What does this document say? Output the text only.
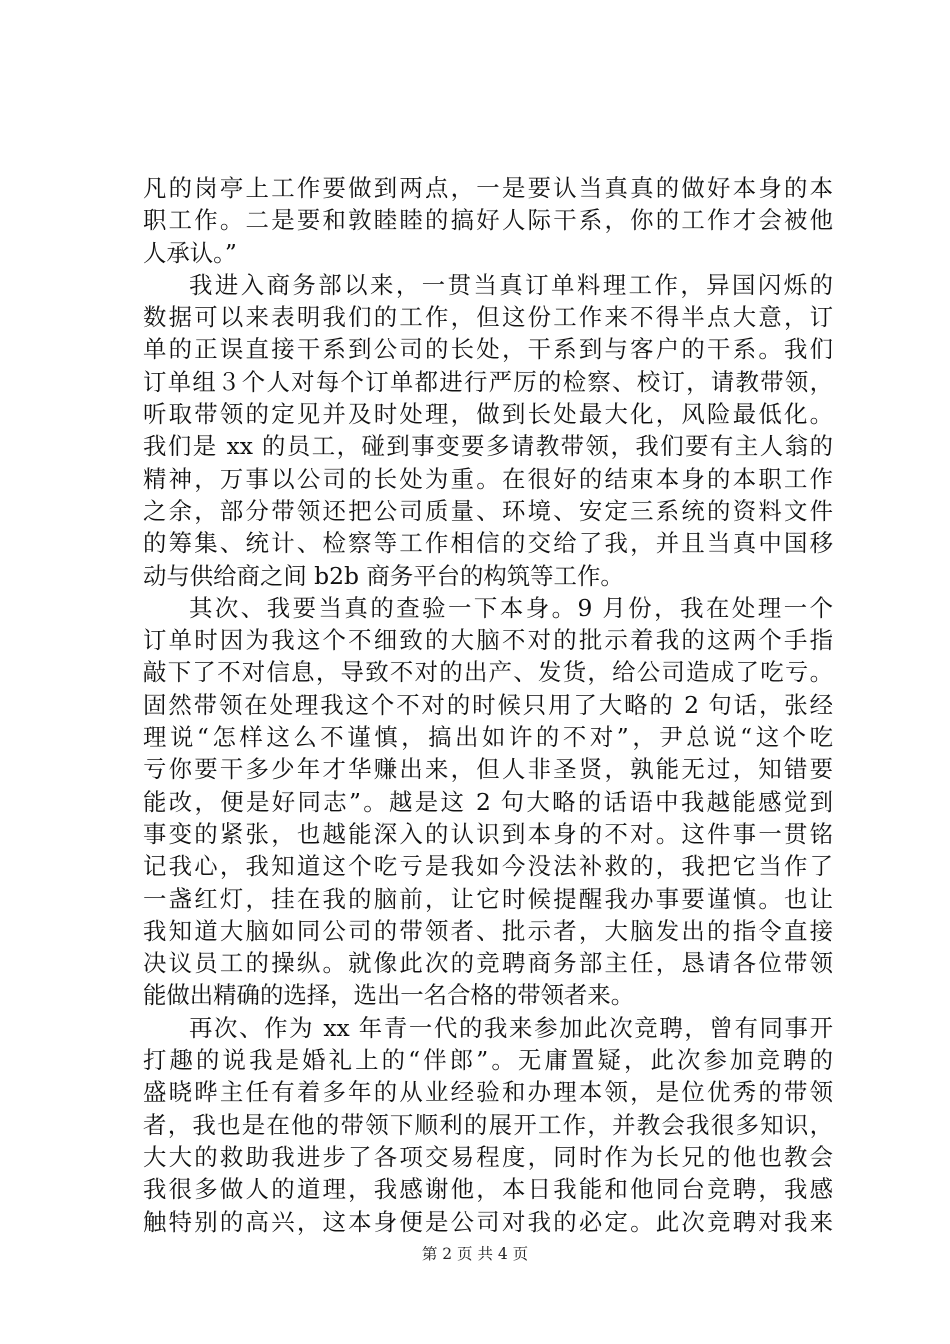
凡的岗亭上工作要做到两点，一是要认当真真的做好本身的本
职工作。二是要和敦睦睦的搞好人际干系，你的工作才会被他
人承认。”
我进入商务部以来，一贯当真订单料理工作，异国闪烁的
数据可以来表明我们的工作，但这份工作来不得半点大意，订
单的正误直接干系到公司的长处，干系到与客户的干系。我们
订单组３个人对每个订单都进行严厉的检察、校订，请教带领，
听取带领的定见并及时处理，做到长处最大化，风险最低化。
我们是 xx 的员工，碰到事变要多请教带领，我们要有主人翁的
精神，万事以公司的长处为重。在很好的结束本身的本职工作
之余，部分带领还把公司质量、环境、安定三系统的资料文件
的筹集、统计、检察等工作相信的交给了我，并且当真中国移
动与供给商之间 b2b 商务平台的构筑等工作。
其次、我要当真的查验一下本身。9 月份，我在处理一个
订单时因为我这个不细致的大脑不对的批示着我的这两个手指
敲下了不对信息，导致不对的出产、发货，给公司造成了吃亏。
固然带领在处理我这个不对的时候只用了大略的 2 句话，张经
理说“怎样这么不谨慎，搞出如许的不对”，尹总说“这个吃
亏你要干多少年才华赚出来，但人非圣贤，孰能无过，知错要
能改，便是好同志”。越是这 2 句大略的话语中我越能感觉到
事变的紧张，也越能深入的认识到本身的不对。这件事一贯铭
记我心，我知道这个吃亏是我如今没法补救的，我把它当作了
一盏红灯，挂在我的脑前，让它时候提醒我办事要谨慎。也让
我知道大脑如同公司的带领者、批示者，大脑发出的指令直接
决议员工的操纵。就像此次的竞聘商务部主任，恳请各位带领
能做出精确的选择，选出一名合格的带领者来。
再次、作为 xx 年青一代的我来参加此次竞聘，曾有同事开
打趣的说我是婚礼上的“伴郎”。无庸置疑，此次参加竞聘的
盛晓晔主任有着多年的从业经验和办理本领，是位优秀的带领
者，我也是在他的带领下顺利的展开工作，并教会我很多知识，
大大的救助我进步了各项交易程度，同时作为长兄的他也教会
我很多做人的道理，我感谢他，本日我能和他同台竞聘，我感
触特别的高兴，这本身便是公司对我的必定。此次竞聘对我来
第 2 页 共 4 页
